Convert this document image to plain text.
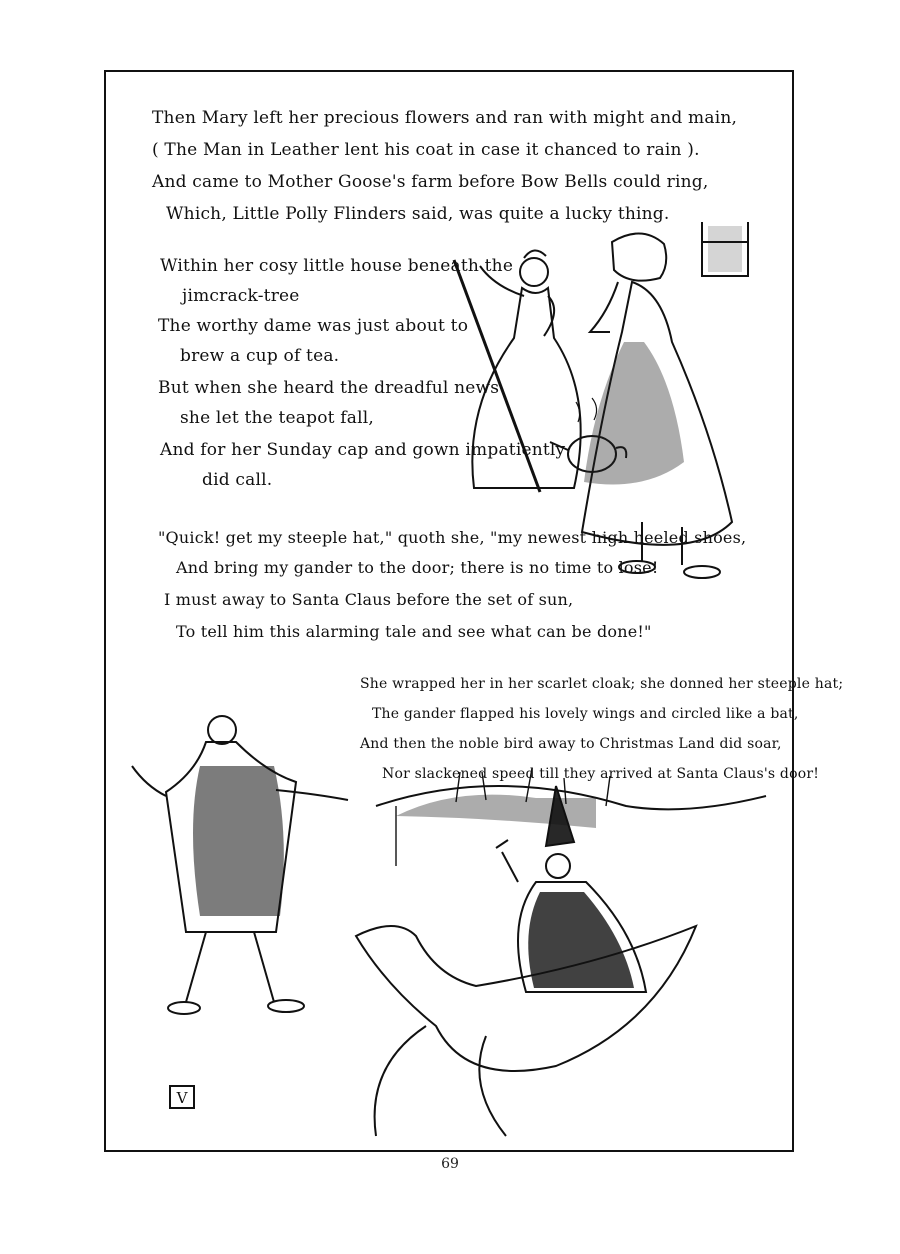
V
Then Mary left her precious flowers and ran with might and main,
( The Man in Leather lent his coat in case it chanced to rain ).
And came to Mother Goose's farm before Bow Bells could ring,
Which, Little Polly Flinders said, was quite a lucky thing.
Within her cosy little house beneath the
jimcrack-tree
The worthy dame was just about to
brew a cup of tea.
But when she heard the dreadful news
she let the teapot fall,
And for her Sunday cap and gown impatiently
did call.
"Quick! get my steeple hat," quoth she, "my newest high heeled shoes,
And bring my gander to the door; there is no time to lose!
I must away to Santa Claus before the set of sun,
To tell him this alarming tale and see what can be done!"
She wrapped her in her scarlet cloak; she donned her steeple hat;
The gander flapped his lovely wings and circled like a bat,
And then the noble bird away to Christmas Land did soar,
Nor slackened speed till they arrived at Santa Claus's door!
69
